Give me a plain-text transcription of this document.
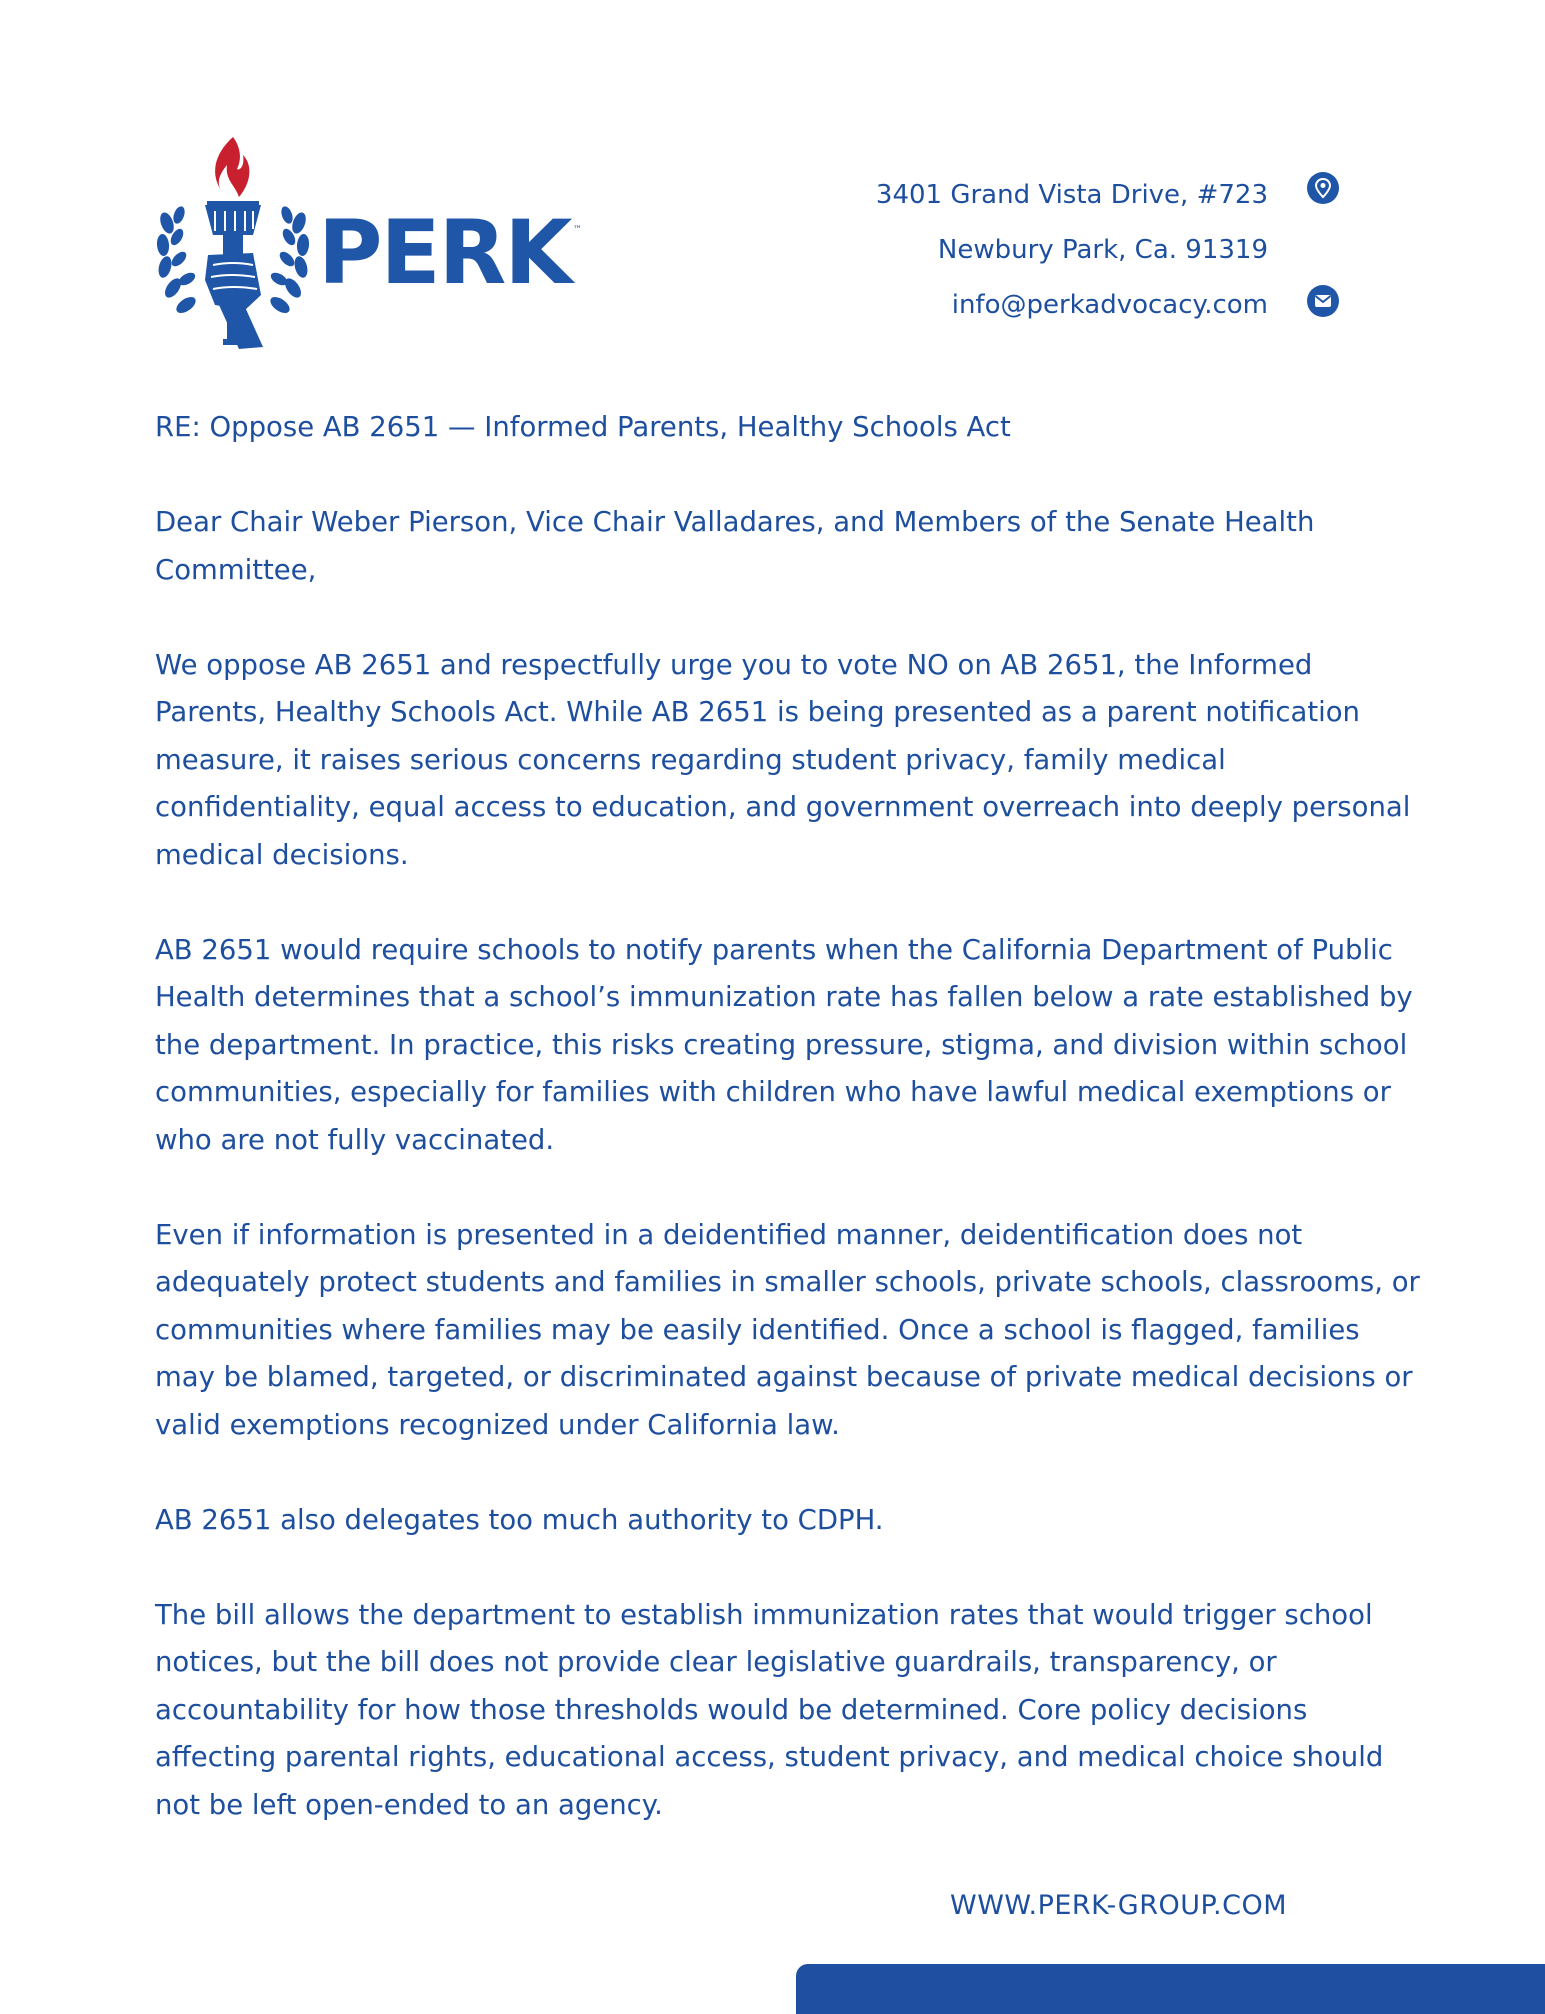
PERK ™
3401 Grand Vista Drive, #723
Newbury Park, Ca. 91319
info@perkadvocacy.com

RE: Oppose AB 2651 — Informed Parents, Healthy Schools Act

Dear Chair Weber Pierson, Vice Chair Valladares, and Members of the Senate Health Committee,

We oppose AB 2651 and respectfully urge you to vote NO on AB 2651, the Informed Parents, Healthy Schools Act. While AB 2651 is being presented as a parent notification measure, it raises serious concerns regarding student privacy, family medical confidentiality, equal access to education, and government overreach into deeply personal medical decisions.

AB 2651 would require schools to notify parents when the California Department of Public Health determines that a school’s immunization rate has fallen below a rate established by the department. In practice, this risks creating pressure, stigma, and division within school communities, especially for families with children who have lawful medical exemptions or who are not fully vaccinated.

Even if information is presented in a deidentified manner, deidentification does not adequately protect students and families in smaller schools, private schools, classrooms, or communities where families may be easily identified. Once a school is flagged, families may be blamed, targeted, or discriminated against because of private medical decisions or valid exemptions recognized under California law.

AB 2651 also delegates too much authority to CDPH.

The bill allows the department to establish immunization rates that would trigger school notices, but the bill does not provide clear legislative guardrails, transparency, or accountability for how those thresholds would be determined. Core policy decisions affecting parental rights, educational access, student privacy, and medical choice should not be left open-ended to an agency.

WWW.PERK-GROUP.COM
